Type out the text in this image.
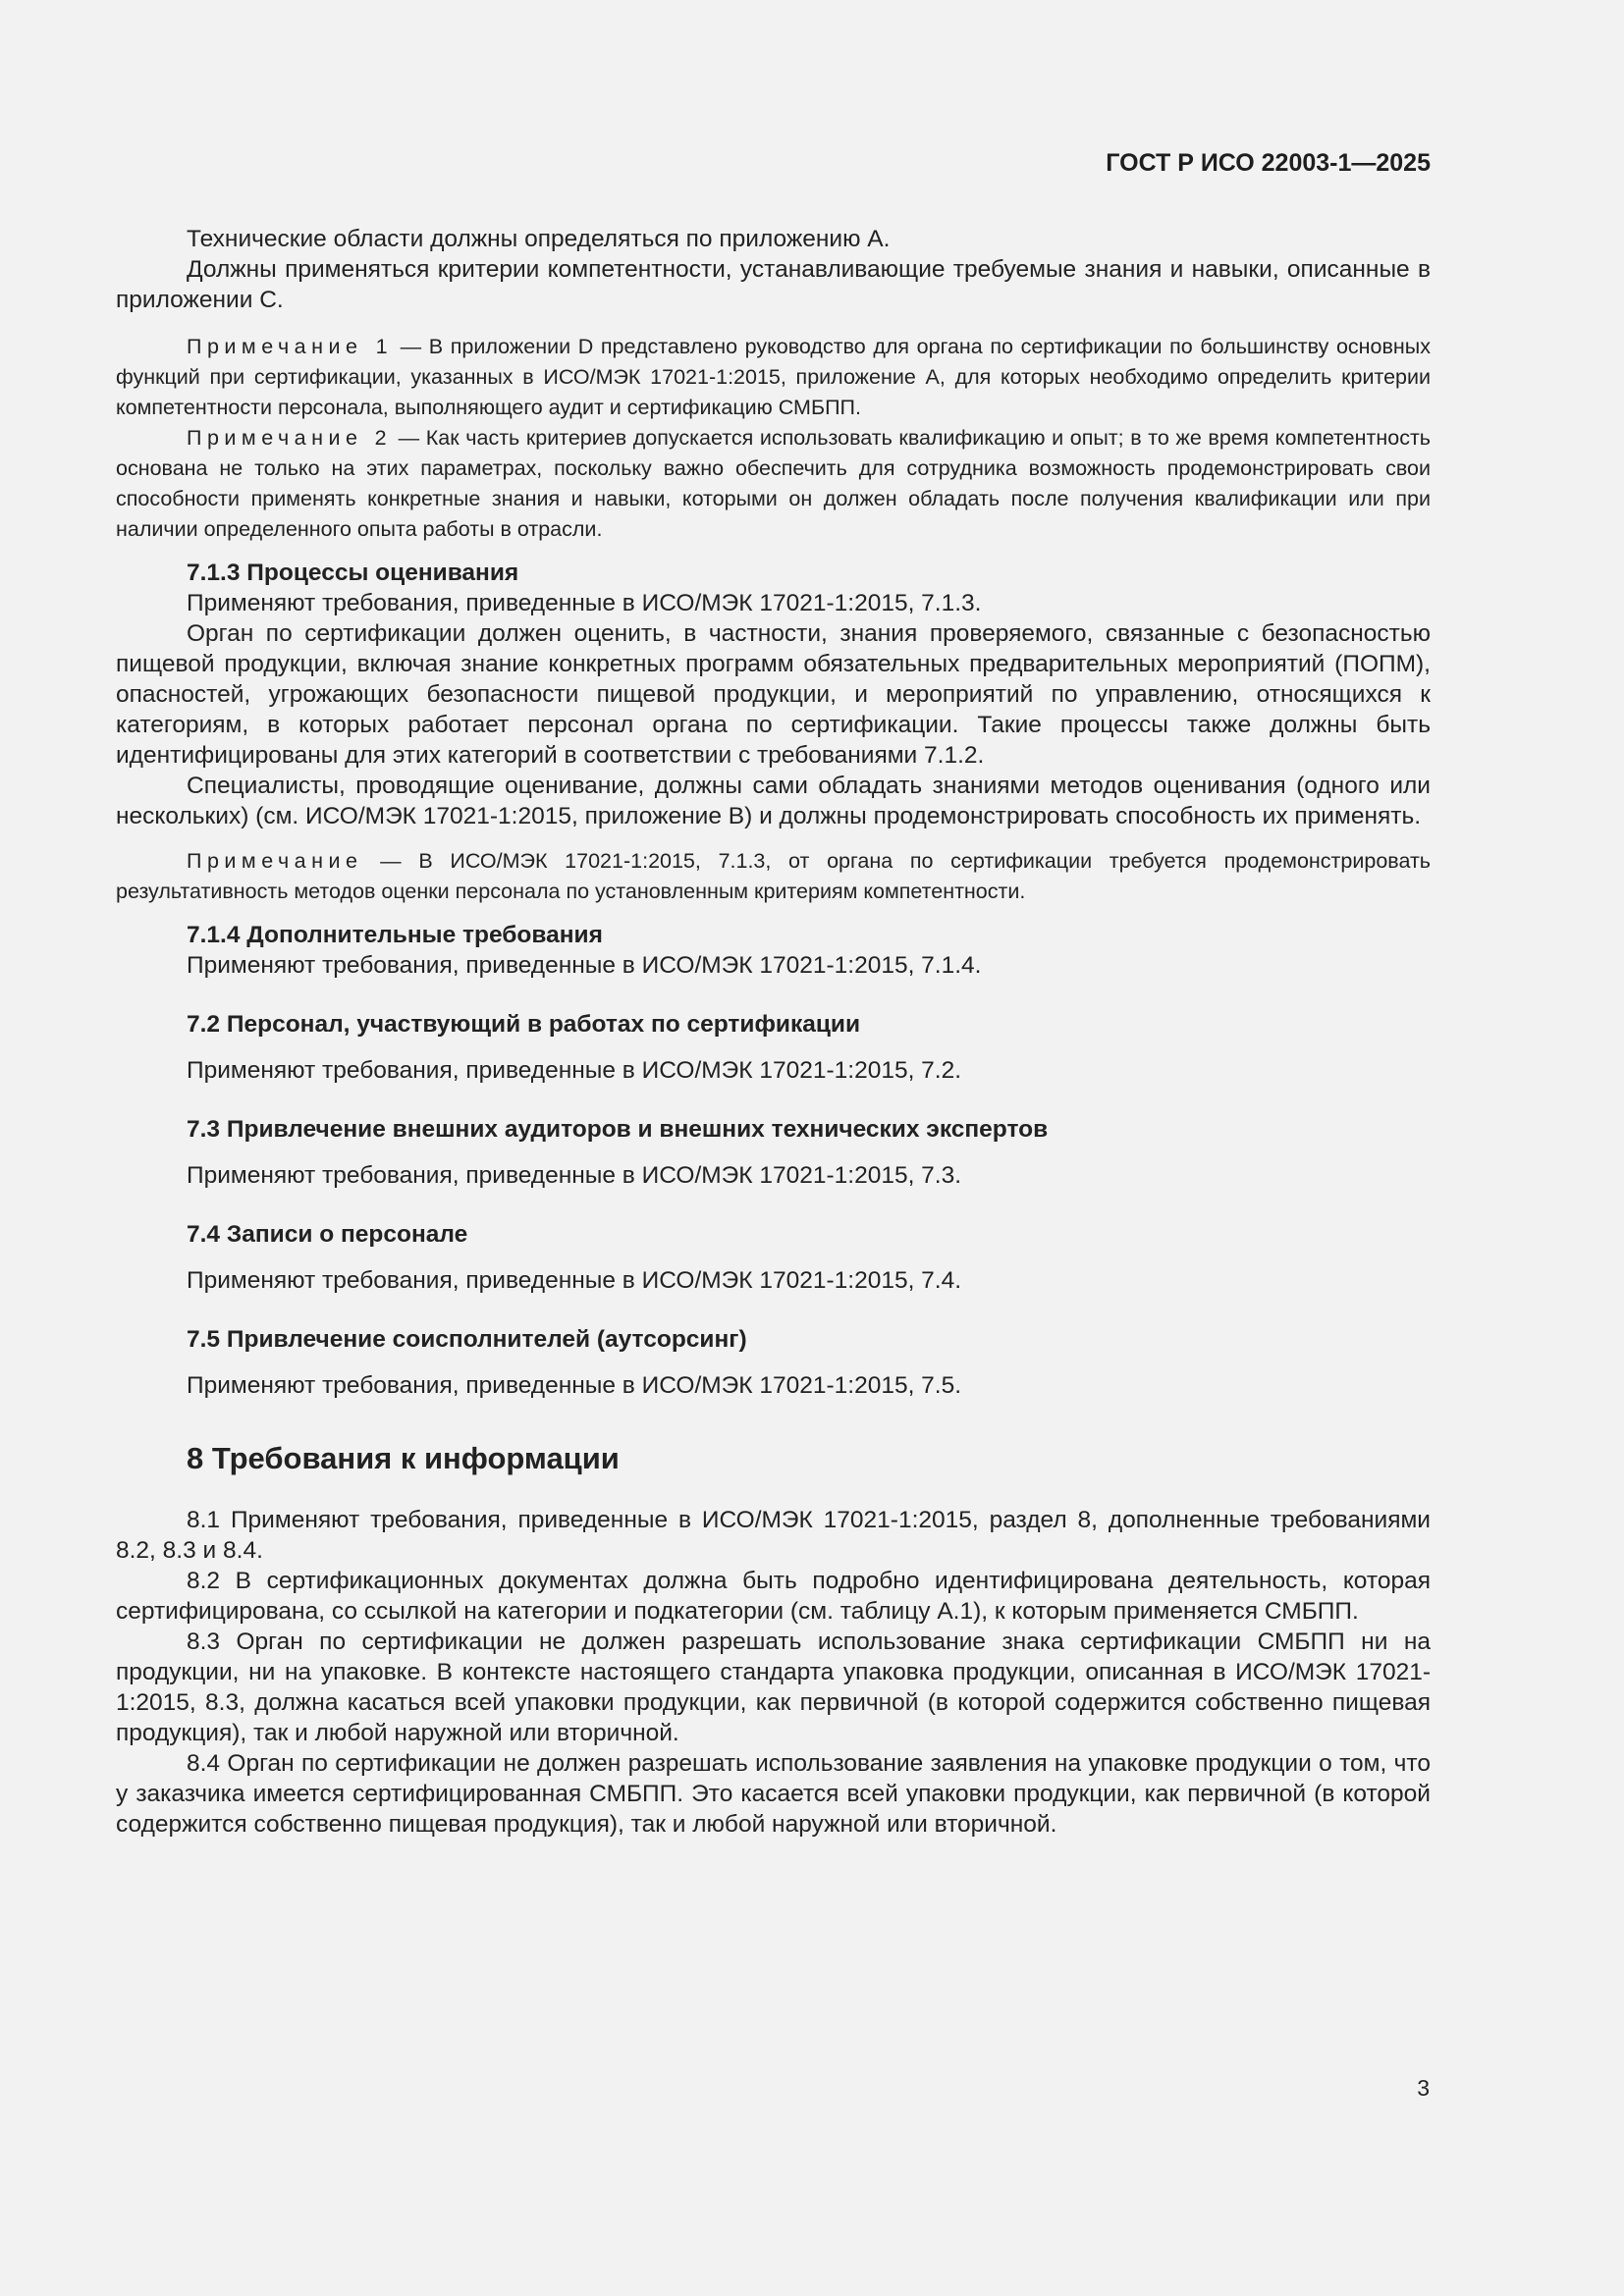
ГОСТ Р ИСО 22003-1—2025

Технические области должны определяться по приложению А.

Должны применяться критерии компетентности, устанавливающие требуемые знания и навыки, описанные в приложении С.

Примечание 1 — В приложении D представлено руководство для органа по сертификации по большинству основных функций при сертификации, указанных в ИСО/МЭК 17021-1:2015, приложение А, для которых необходимо определить критерии компетентности персонала, выполняющего аудит и сертификацию СМБПП.

Примечание 2 — Как часть критериев допускается использовать квалификацию и опыт; в то же время компетентность основана не только на этих параметрах, поскольку важно обеспечить для сотрудника возможность продемонстрировать свои способности применять конкретные знания и навыки, которыми он должен обладать после получения квалификации или при наличии определенного опыта работы в отрасли.

7.1.3 Процессы оценивания

Применяют требования, приведенные в ИСО/МЭК 17021-1:2015, 7.1.3.

Орган по сертификации должен оценить, в частности, знания проверяемого, связанные с безопасностью пищевой продукции, включая знание конкретных программ обязательных предварительных мероприятий (ПОПМ), опасностей, угрожающих безопасности пищевой продукции, и мероприятий по управлению, относящихся к категориям, в которых работает персонал органа по сертификации. Такие процессы также должны быть идентифицированы для этих категорий в соответствии с требованиями 7.1.2.

Специалисты, проводящие оценивание, должны сами обладать знаниями методов оценивания (одного или нескольких) (см. ИСО/МЭК 17021-1:2015, приложение В) и должны продемонстрировать способность их применять.

Примечание — В ИСО/МЭК 17021-1:2015, 7.1.3, от органа по сертификации требуется продемонстрировать результативность методов оценки персонала по установленным критериям компетентности.

7.1.4 Дополнительные требования

Применяют требования, приведенные в ИСО/МЭК 17021-1:2015, 7.1.4.

7.2 Персонал, участвующий в работах по сертификации

Применяют требования, приведенные в ИСО/МЭК 17021-1:2015, 7.2.

7.3 Привлечение внешних аудиторов и внешних технических экспертов

Применяют требования, приведенные в ИСО/МЭК 17021-1:2015, 7.3.

7.4 Записи о персонале

Применяют требования, приведенные в ИСО/МЭК 17021-1:2015, 7.4.

7.5 Привлечение соисполнителей (аутсорсинг)

Применяют требования, приведенные в ИСО/МЭК 17021-1:2015, 7.5.

8 Требования к информации

8.1 Применяют требования, приведенные в ИСО/МЭК 17021-1:2015, раздел 8, дополненные требованиями 8.2, 8.3 и 8.4.

8.2 В сертификационных документах должна быть подробно идентифицирована деятельность, которая сертифицирована, со ссылкой на категории и подкатегории (см. таблицу А.1), к которым применяется СМБПП.

8.3 Орган по сертификации не должен разрешать использование знака сертификации СМБПП ни на продукции, ни на упаковке. В контексте настоящего стандарта упаковка продукции, описанная в ИСО/МЭК 17021-1:2015, 8.3, должна касаться всей упаковки продукции, как первичной (в которой содержится собственно пищевая продукция), так и любой наружной или вторичной.

8.4 Орган по сертификации не должен разрешать использование заявления на упаковке продукции о том, что у заказчика имеется сертифицированная СМБПП. Это касается всей упаковки продукции, как первичной (в которой содержится собственно пищевая продукция), так и любой наружной или вторичной.

3
